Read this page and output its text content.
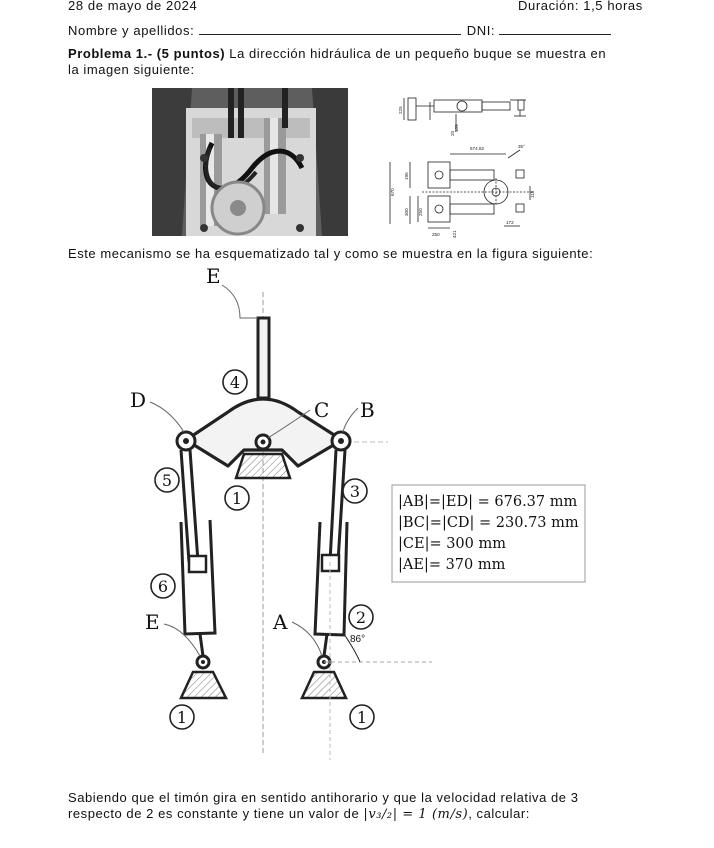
28 de mayo de 2024	Duración: 1,5 horas
Nombre y apellidos:	DNI:
Problema 1.- (5 puntos) La dirección hidráulica de un pequeño buque se muestra en
la imagen siguiente:
674.82	35°
670
195
300 250
250	421
172
225
109
20
115
Este mecanismo se ha esquematizado tal y como se muestra en la figura siguiente:
4
5
1	3
6
2
1	1
E
D	C B
E	A
86°
|AB|=|ED| = 676.37 mm
|BC|=|CD| = 230.73 mm
|CE|= 300 mm
|AE|= 370 mm
Sabiendo que el timón gira en sentido antihorario y que la velocidad relativa de 3
respecto de 2 es constante y tiene un valor de |v₃/₂| = 1 (m/s), calcular:
